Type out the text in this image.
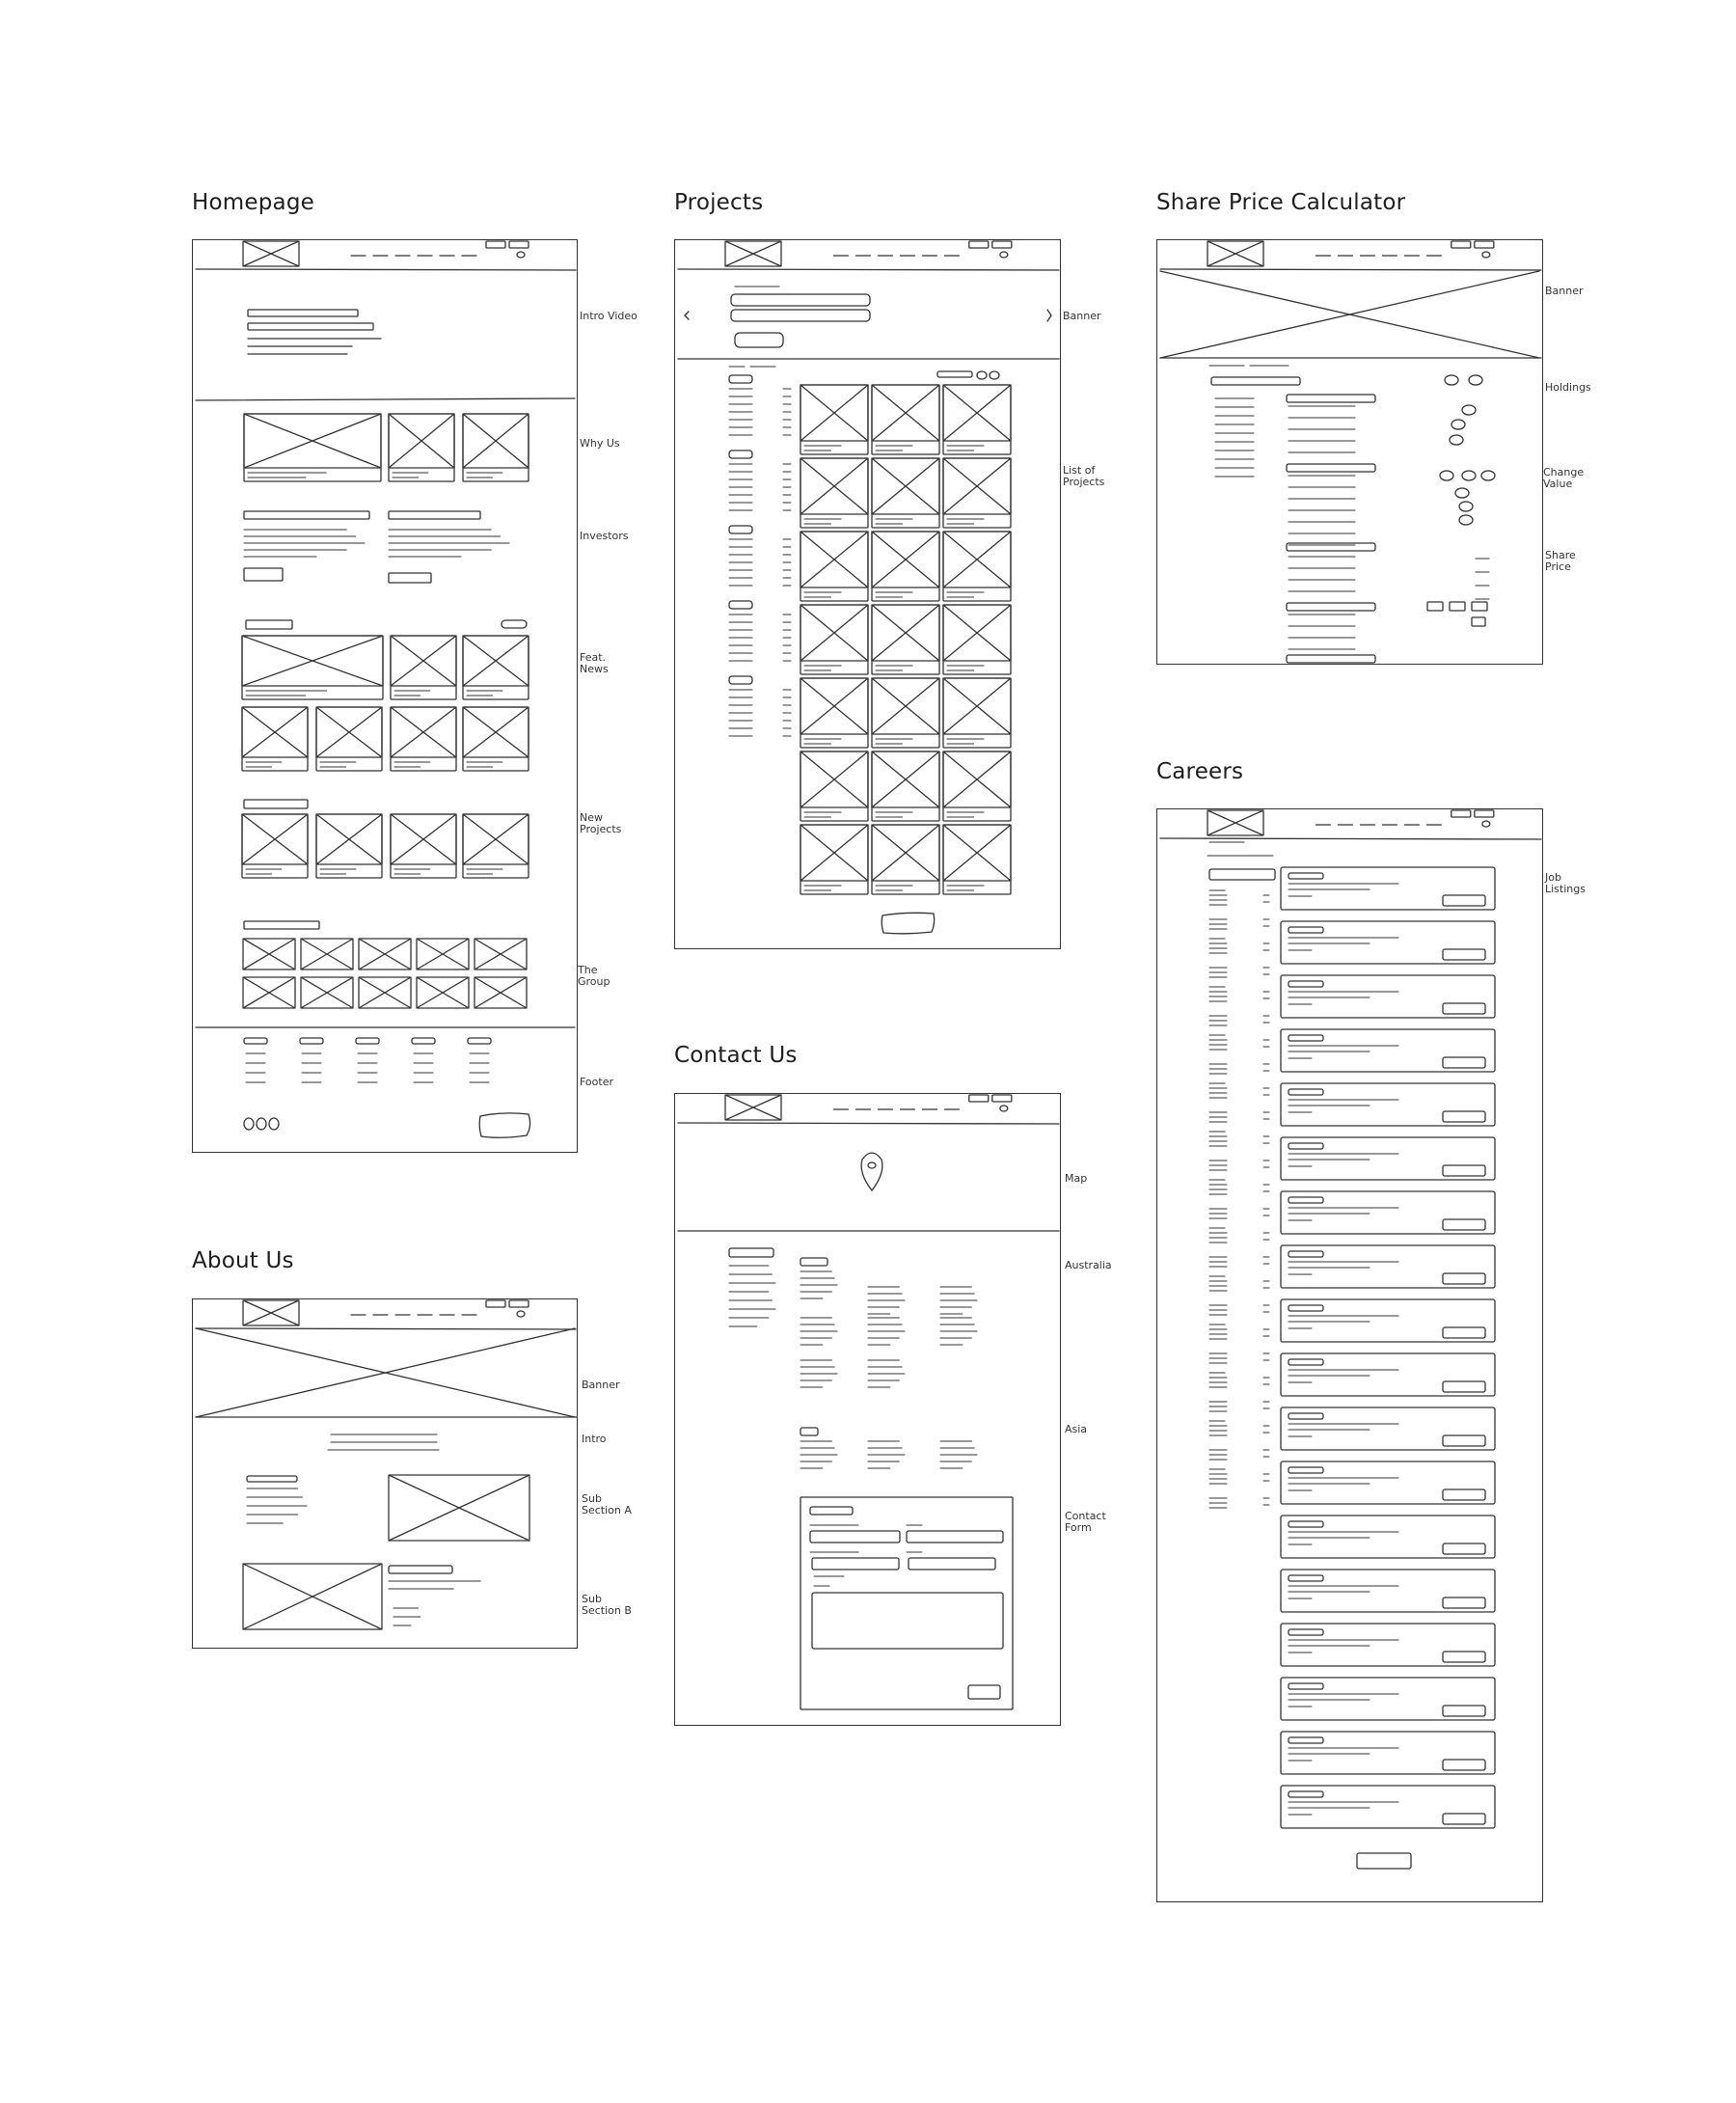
Homepage
Intro Video
Why Us
Investors
Feat. News
New Projects
The Group
Footer
Projects
Banner
List of Projects
Share Price Calculator
Banner
Holdings
Change Value
Share Price
About Us
Banner
Intro
Sub Section A
Sub Section B
Contact Us
Map
Australia
Asia
Contact Form
Careers
Job Listings
